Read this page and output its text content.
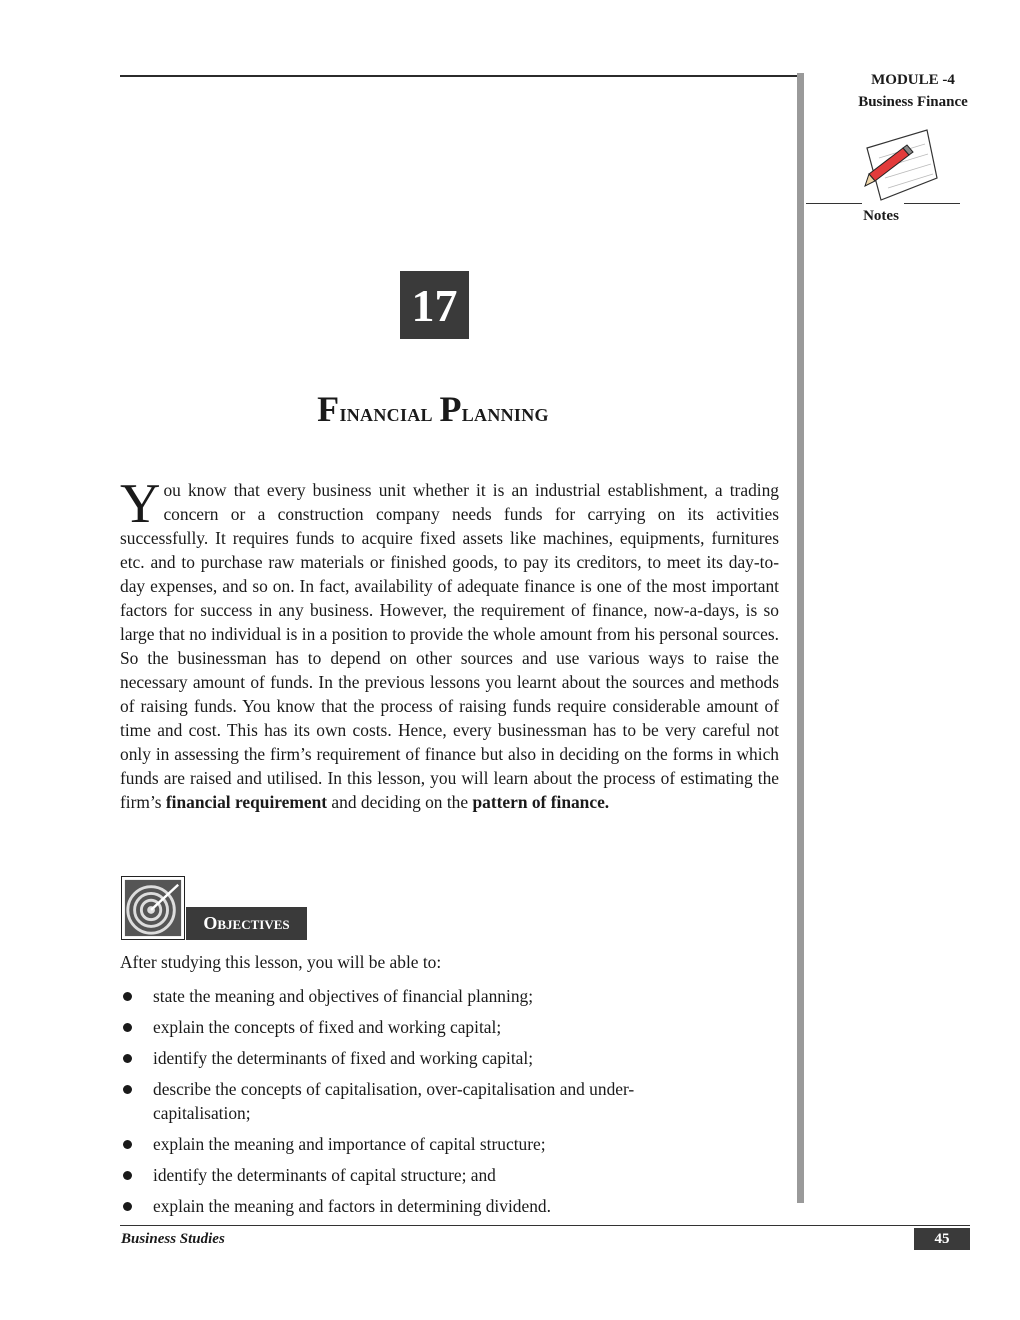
MODULE -4
Business Finance
Notes
17
Financial Planning

You know that every business unit whether it is an industrial establishment, a trading concern or a construction company needs funds for carrying on its activities successfully. It requires funds to acquire fixed assets like machines, equipments, furnitures etc. and to purchase raw materials or finished goods, to pay its creditors, to meet its day-to-day expenses, and so on. In fact, availability of adequate finance is one of the most important factors for success in any business. However, the requirement of finance, now-a-days, is so large that no individual is in a position to provide the whole amount from his personal sources. So the businessman has to depend on other sources and use various ways to raise the necessary amount of funds. In the previous lessons you learnt about the sources and methods of raising funds. You know that the process of raising funds require considerable amount of time and cost. This has its own costs. Hence, every businessman has to be very careful not only in assessing the firm’s requirement of finance but also in deciding on the forms in which funds are raised and utilised. In this lesson, you will learn about the process of estimating the firm’s financial requirement and deciding on the pattern of finance.

O bjectives
After studying this lesson, you will be able to:
state the meaning and objectives of financial planning;
explain the concepts of fixed and working capital;
identify the determinants of fixed and working capital;
describe the concepts of capitalisation, over-capitalisation and under-capitalisation;
explain the meaning and importance of capital structure;
identify the determinants of capital structure; and
explain the meaning and factors in determining dividend.
Business Studies	45
